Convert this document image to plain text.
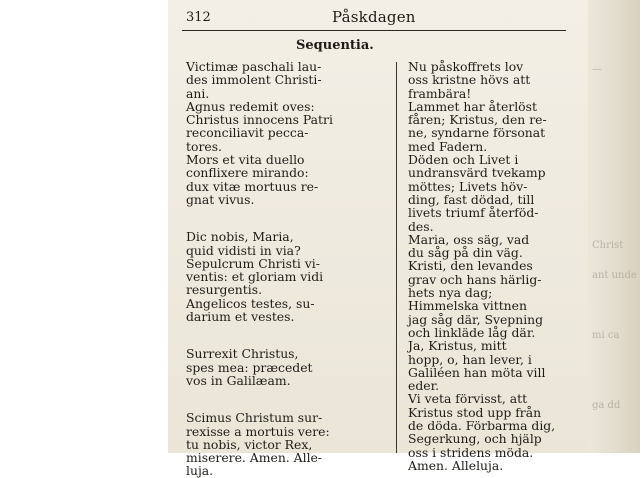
—
Christ
ant unde
mi ca
ga dd
312	Påskdagen
Sequentia.

Victimæ paschali lau-
des immolent Christi-
ani.

Agnus redemit oves:
Christus innocens Patri
reconciliavit pecca-
tores.

Mors et vita duello
conflixere mirando:
dux vitæ mortuus re-
gnat vivus.

Dic nobis, Maria,
quid vidisti in via?

Sepulcrum Christi vi-
ventis: et gloriam vidi
resurgentis.

Angelicos testes, su-
darium et vestes.

Surrexit Christus,
spes mea: præcedet
vos in Galilæam.

Scimus Christum sur-
rexisse a mortuis vere:
tu nobis, victor Rex,
miserere. Amen. Alle-
luja.

Nu påskoffrets lov
oss kristne hövs att
frambära!

Lammet har återlöst
fåren; Kristus, den re-
ne, syndarne försonat
med Fadern.

Döden och Livet i
undransvärd tvekamp
möttes; Livets höv-
ding, fast dödad, till
livets triumf återföd-
des.

Maria, oss säg, vad
du såg på din väg.

Kristi, den levandes
grav och hans härlig-
hets nya dag;

Himmelska vittnen
jag såg där, Svepning
och linkläde låg där.

Ja, Kristus, mitt
hopp, o, han lever, i
Galiléen han möta vill
eder.

Vi veta förvisst, att
Kristus stod upp från
de döda. Förbarma dig,
Segerkung, och hjälp
oss i stridens möda.
Amen. Alleluja.
